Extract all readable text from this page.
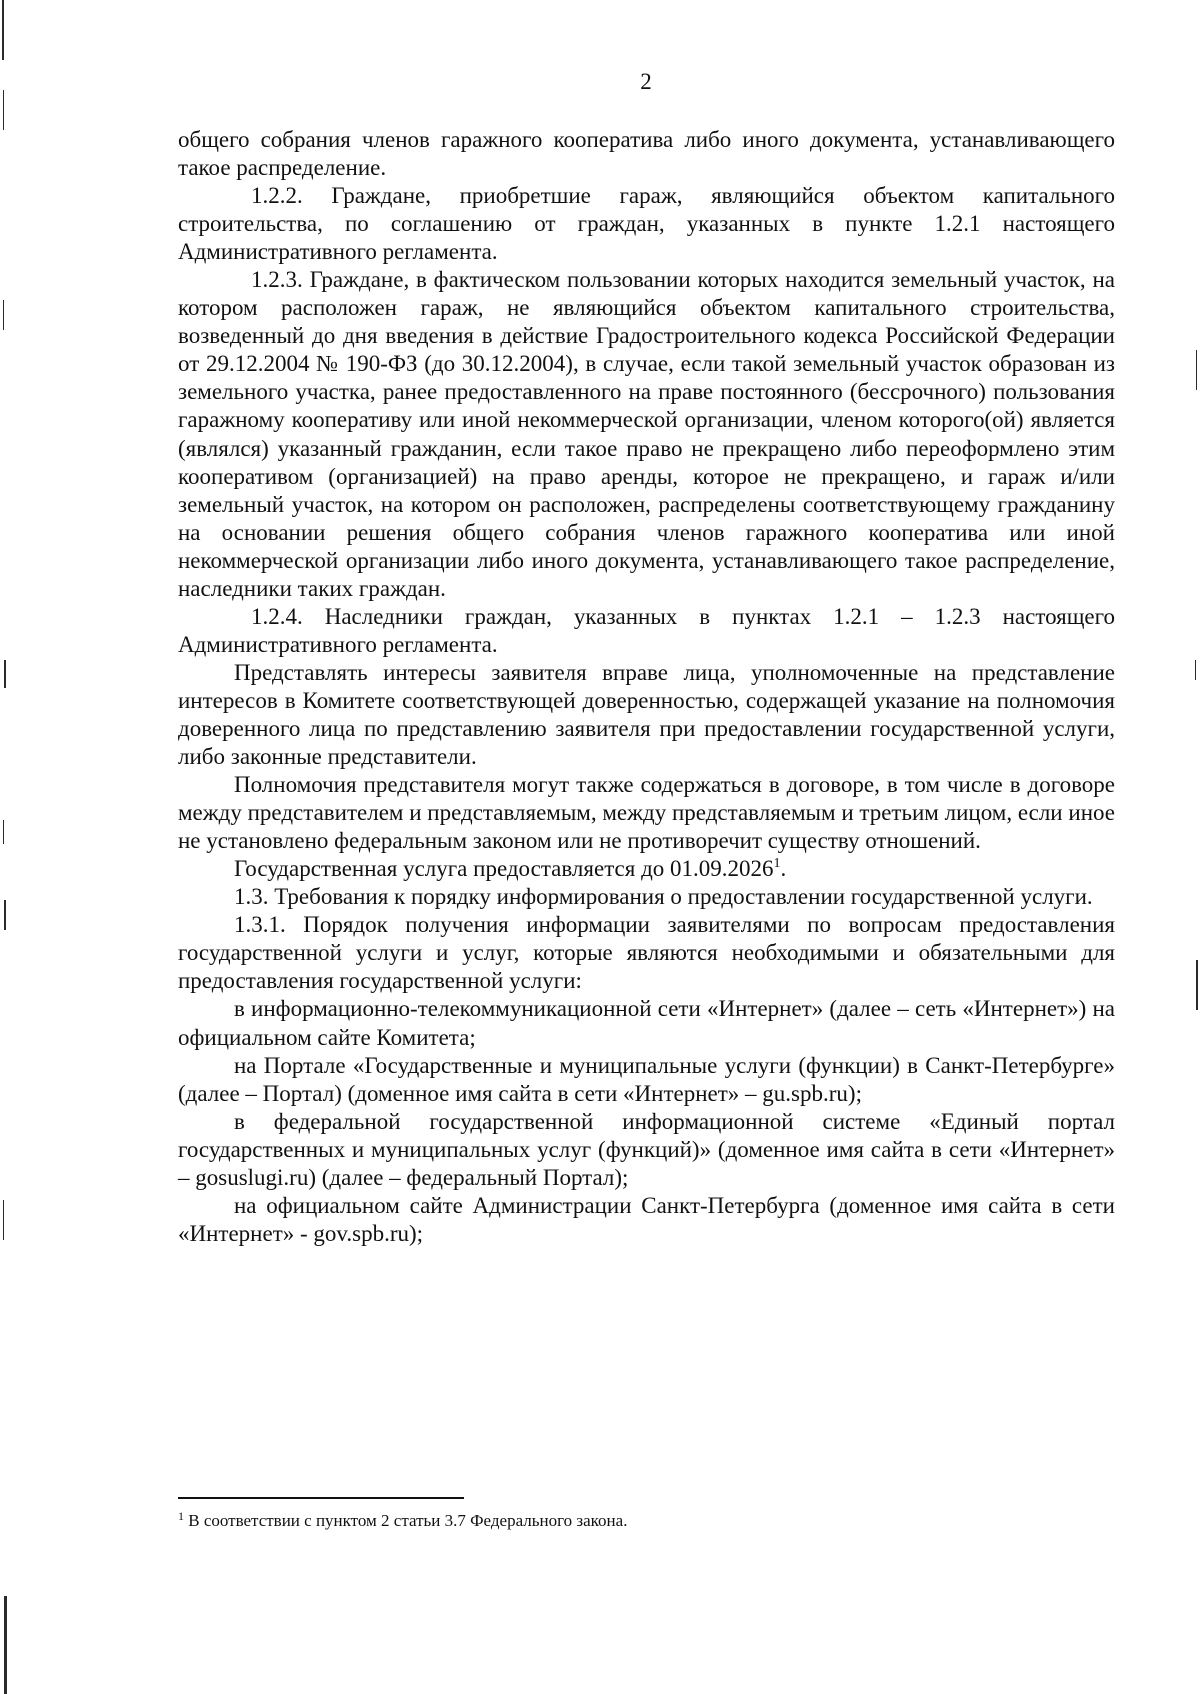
2

общего собрания членов гаражного кооператива либо иного документа, устанавливающего такое распределение.

1.2.2. Граждане, приобретшие гараж, являющийся объектом капитального строительства, по соглашению от граждан, указанных в пункте 1.2.1 настоящего Административного регламента.

1.2.3. Граждане, в фактическом пользовании которых находится земельный участок, на котором расположен гараж, не являющийся объектом капитального строительства, возведенный до дня введения в действие Градостроительного кодекса Российской Федерации от 29.12.2004 № 190-ФЗ (до 30.12.2004), в случае, если такой земельный участок образован из земельного участка, ранее предоставленного на праве постоянного (бессрочного) пользования гаражному кооперативу или иной некоммерческой организации, членом которого(ой) является (являлся) указанный гражданин, если такое право не прекращено либо переоформлено этим кооперативом (организацией) на право аренды, которое не прекращено, и гараж и/или земельный участок, на котором он расположен, распределены соответствующему гражданину на основании решения общего собрания членов гаражного кооператива или иной некоммерческой организации либо иного документа, устанавливающего такое распределение, наследники таких граждан.

1.2.4. Наследники граждан, указанных в пунктах 1.2.1 – 1.2.3 настоящего Административного регламента.

Представлять интересы заявителя вправе лица, уполномоченные на представление интересов в Комитете соответствующей доверенностью, содержащей указание на полномочия доверенного лица по представлению заявителя при предоставлении государственной услуги, либо законные представители.

Полномочия представителя могут также содержаться в договоре, в том числе в договоре между представителем и представляемым, между представляемым и третьим лицом, если иное не установлено федеральным законом или не противоречит существу отношений.

Государственная услуга предоставляется до 01.09.2026$^1$.

1.3. Требования к порядку информирования о предоставлении государственной услуги.

1.3.1. Порядок получения информации заявителями по вопросам предоставления государственной услуги и услуг, которые являются необходимыми и обязательными для предоставления государственной услуги:

в информационно-телекоммуникационной сети «Интернет» (далее – сеть «Интернет») на официальном сайте Комитета;

на Портале «Государственные и муниципальные услуги (функции) в Санкт-Петербурге» (далее – Портал) (доменное имя сайта в сети «Интернет» – gu.spb.ru);

в федеральной государственной информационной системе «Единый портал государственных и муниципальных услуг (функций)» (доменное имя сайта в сети «Интернет» – gosuslugi.ru) (далее – федеральный Портал);

на официальном сайте Администрации Санкт-Петербурга (доменное имя сайта в сети «Интернет» - gov.spb.ru);

$^1$ В соответствии с пунктом 2 статьи 3.7 Федерального закона.
